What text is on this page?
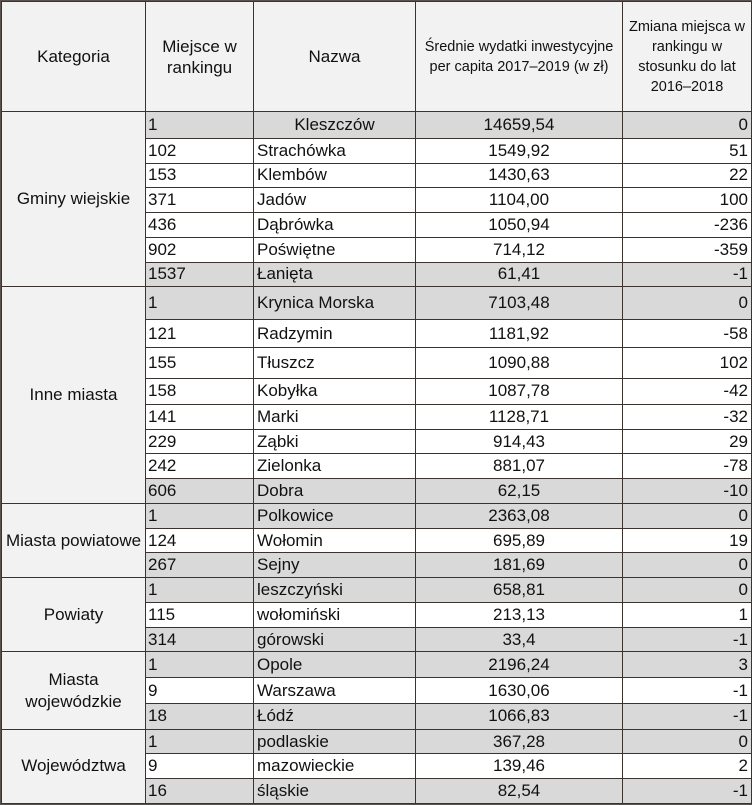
Kategoria	Miejsce w rankingu	Nazwa	Średnie wydatki inwestycyjne per capita 2017–2019 (w zł)	Zmiana miejsca w rankingu w stosunku do lat 2016–2018
Gminy wiejskie	1	Kleszczów	14659,54	0
	102	Strachówka	1549,92	51
	153	Klembów	1430,63	22
	371	Jadów	1104,00	100
	436	Dąbrówka	1050,94	-236
	902	Poświętne	714,12	-359
	1537	Łanięta	61,41	-1
Inne miasta	1	Krynica Morska	7103,48	0
	121	Radzymin	1181,92	-58
	155	Tłuszcz	1090,88	102
	158	Kobyłka	1087,78	-42
	141	Marki	1128,71	-32
	229	Ząbki	914,43	29
	242	Zielonka	881,07	-78
	606	Dobra	62,15	-10
Miasta powiatowe	1	Polkowice	2363,08	0
	124	Wołomin	695,89	19
	267	Sejny	181,69	0
Powiaty	1	leszczyński	658,81	0
	115	wołomiński	213,13	1
	314	górowski	33,4	-1
Miasta wojewódzkie	1	Opole	2196,24	3
	9	Warszawa	1630,06	-1
	18	Łódź	1066,83	-1
Województwa	1	podlaskie	367,28	0
	9	mazowieckie	139,46	2
	16	śląskie	82,54	-1
